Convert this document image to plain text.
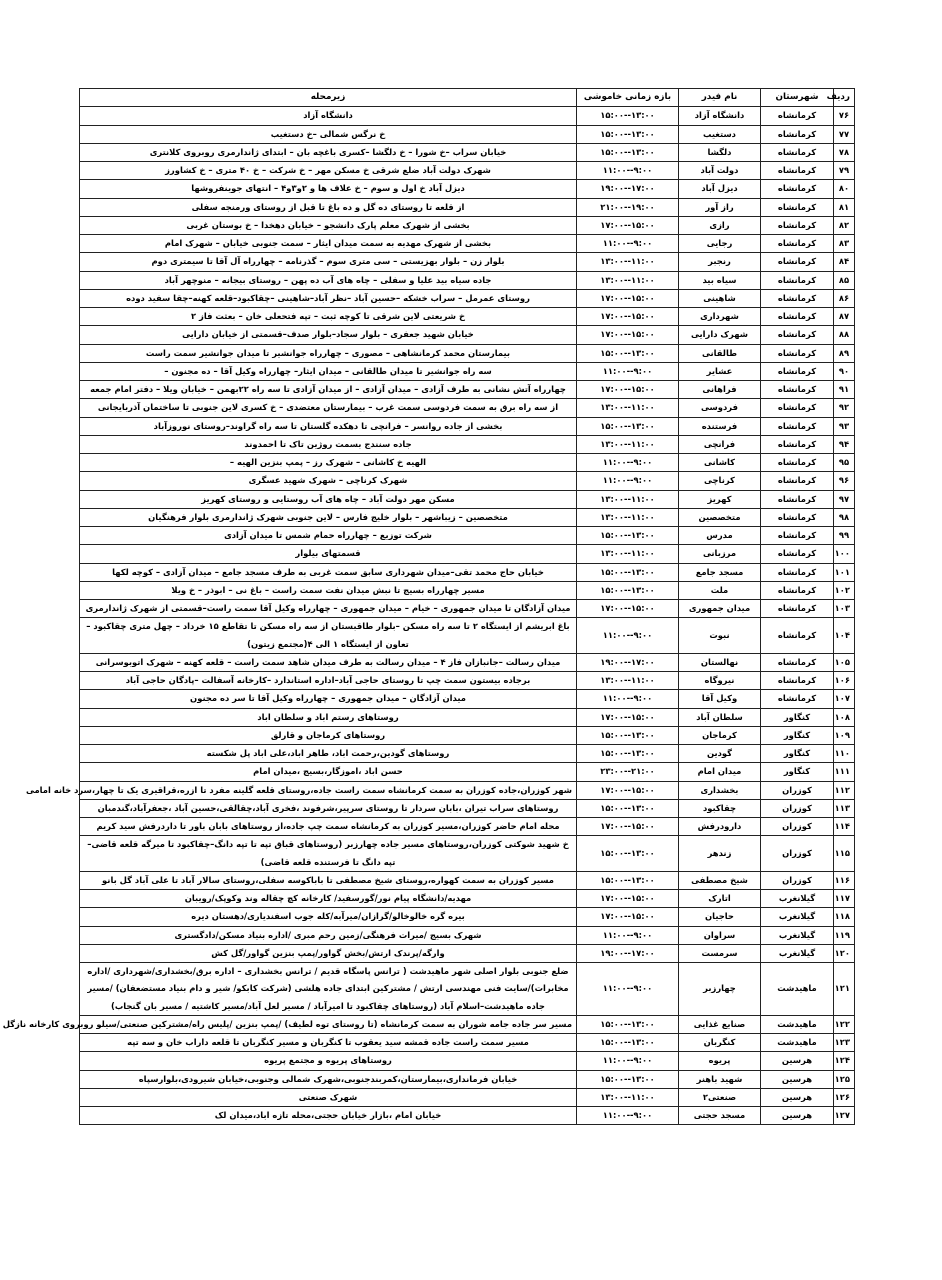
ردیف	شهرستان	نام فیدر	بازه زمانی خاموشی	زیرمحله
۷۶	کرمانشاه	دانشگاه آزاد	۱۵:۰۰--۱۳:۰۰	دانشگاه آزاد
۷۷	کرمانشاه	دستغیب	۱۵:۰۰--۱۳:۰۰	خ نرگس شمالی –خ دستغیب
۷۸	کرمانشاه	دلگشا	۱۵:۰۰--۱۳:۰۰	خیابان سراب –خ شورا – خ دلگشا –کسری باغچه بان – ابتدای ژاندارمری روبروی کلانتری
۷۹	کرمانشاه	دولت آباد	۱۱:۰۰--۹:۰۰	شهرک دولت آباد ضلع شرقی خ مسکن مهر – خ شرکت – خ ۴۰ متری – خ کشاورز
۸۰	کرمانشاه	دیزل آباد	۱۹:۰۰--۱۷:۰۰	دیزل آباد خ اول و سوم – خ علاف ها و ۲و۳و۴ – انتهای جوینفروشها
۸۱	کرمانشاه	راز آور	۲۱:۰۰--۱۹:۰۰	از قلعه تا روستای ده گل و ده باغ تا قبل از روستای ورمنجه سفلی
۸۲	کرمانشاه	رازی	۱۷:۰۰--۱۵:۰۰	بخشی از شهرک معلم پارک دانشجو – خیابان دهخدا – خ بوستان غربی
۸۳	کرمانشاه	رجایی	۱۱:۰۰--۹:۰۰	بخشی از شهرک مهدیه به سمت میدان ایثار – سمت جنوبی خیابان – شهرک امام
۸۴	کرمانشاه	رنجبر	۱۳:۰۰--۱۱:۰۰	بلوار زن – بلوار بهزیستی – سی متری سوم – گذرنامه – چهارراه آل آقا تا سیمتری دوم
۸۵	کرمانشاه	سیاه بید	۱۳:۰۰--۱۱:۰۰	جاده سیاه بید علیا و سفلی – چاه های آب ده پهن – روستای بیجانه – منوچهر آباد
۸۶	کرمانشاه	شاهینی	۱۷:۰۰--۱۵:۰۰	روستای عمرمل – سراب خشکه –حسین آباد –نظر آباد–شاهینی –چقاکبود–قلعه کهنه–چقا سفید دوده
۸۷	کرمانشاه	شهرداری	۱۷:۰۰--۱۵:۰۰	خ شریعتی لاین شرقی تا کوچه ثبت – تپه فتحعلی خان – بعثت فاز ۲
۸۸	کرمانشاه	شهرک دارایی	۱۷:۰۰--۱۵:۰۰	خیابان شهید جعفری – بلوار سجاد–بلوار صدف–قسمتی از خیابان دارایی
۸۹	کرمانشاه	طالقانی	۱۵:۰۰--۱۳:۰۰	بیمارستان محمد کرمانشاهی – مصوری – چهارراه جوانشیر تا میدان جوانشیر سمت راست
۹۰	کرمانشاه	عشایر	۱۱:۰۰--۹:۰۰	سه راه جوانشیر تا میدان طالقانی – میدان ایثار– چهارراه وکیل آقا – ده مجنون –
۹۱	کرمانشاه	فراهانی	۱۷:۰۰--۱۵:۰۰	چهارراه آتش نشانی به طرف آزادی – میدان آزادی – از میدان آزادی تا سه راه ۲۲بهمن – خیابان ویلا – دفتر امام جمعه
۹۲	کرمانشاه	فردوسی	۱۳:۰۰--۱۱:۰۰	از سه راه برق به سمت فردوسی سمت غرب – بیمارستان معتضدی – خ کسری لاین جنوبی تا ساختمان آذربایجانی
۹۳	کرمانشاه	فرستنده	۱۵:۰۰--۱۳:۰۰	بخشی از جاده روانسر – فرانچی تا دهکده گلستان تا سه راه گراوند–روستای نوروزآباد
۹۴	کرمانشاه	فرانچی	۱۳:۰۰--۱۱:۰۰	جاده سنندج بسمت روژین تاک تا احمدوند
۹۵	کرمانشاه	کاشانی	۱۱:۰۰--۹:۰۰	الهیه خ کاشانی – شهرک رز – پمپ بنزین الهیه –
۹۶	کرمانشاه	کرناچی	۱۱:۰۰--۹:۰۰	شهرک کرناچی – شهرک شهید عسگری
۹۷	کرمانشاه	کهریز	۱۳:۰۰--۱۱:۰۰	مسکن مهر دولت آباد – چاه های آب روستایی و روستای کهریز
۹۸	کرمانشاه	متخصصین	۱۳:۰۰--۱۱:۰۰	متخصصین – زیباشهر – بلوار خلیج فارس – لاین جنوبی شهرک ژاندارمری بلوار فرهنگیان
۹۹	کرمانشاه	مدرس	۱۵:۰۰--۱۳:۰۰	شرکت توزیع – چهارراه حمام شمس تا میدان آزادی
۱۰۰	کرمانشاه	مرزبانی	۱۳:۰۰--۱۱:۰۰	قسمتهای بیلوار
۱۰۱	کرمانشاه	مسجد جامع	۱۵:۰۰--۱۳:۰۰	خیابان حاج محمد تقی–میدان شهرداری سابق سمت غربی به طرف مسجد جامع – میدان آزادی – کوچه لکها
۱۰۲	کرمانشاه	ملت	۱۵:۰۰--۱۳:۰۰	مسیر چهارراه بسیج تا نبش میدان نفت سمت راست – باغ نی – ابوذر – خ ویلا
۱۰۳	کرمانشاه	میدان جمهوری	۱۷:۰۰--۱۵:۰۰	میدان آزادگان تا میدان جمهوری – خیام – میدان جمهوری – چهارراه وکیل آقا سمت راست–قسمتی از شهرک ژاندارمری
۱۰۴	کرمانشاه	نبوت	۱۱:۰۰--۹:۰۰	باغ ابریشم از ایستگاه ۲ تا سه راه مسکن –بلوار طاقبستان از سه راه مسکن تا تقاطع ۱۵ خرداد – چهل متری چقاکبود –تعاون از ایستگاه ۱ الی ۴(مجتمع زیتون)
۱۰۵	کرمانشاه	نهالستان	۱۹:۰۰--۱۷:۰۰	میدان رسالت –جانبازان فاز ۴ – میدان رسالت به طرف میدان شاهد سمت راست – قلعه کهنه – شهرک اتوبوسرانی
۱۰۶	کرمانشاه	نیروگاه	۱۳:۰۰--۱۱:۰۰	برجاده بیستون سمت چپ تا روستای حاجی آباد–اداره استاندارد –کارخانه آسفالت –پادگان حاجی آباد
۱۰۷	کرمانشاه	وکیل آقا	۱۱:۰۰--۹:۰۰	میدان آزادگان – میدان جمهوری – چهارراه وکیل آقا تا سر ده مجنون
۱۰۸	کنگاور	سلطان آباد	۱۷:۰۰--۱۵:۰۰	روستاهای رستم اباد و سلطان اباد
۱۰۹	کنگاور	کرماجان	۱۵:۰۰--۱۳:۰۰	روستاهای کرماجان و قارلق
۱۱۰	کنگاور	گودین	۱۵:۰۰--۱۳:۰۰	روستاهای گودین،رحمت اباد، طاهر اباد،علی اباد پل شکسته
۱۱۱	کنگاور	میدان امام	۲۳:۰۰--۲۱:۰۰	حسن اباد ،اموزگار،بسیج ،میدان امام
۱۱۲	کوزران	بخشداری	۱۷:۰۰--۱۵:۰۰	شهر کوزران،جاده کوزران به سمت کرمانشاه سمت راست جاده،روستای قلعه گلینه مفرد تا ازره،قراقیری یک تا چهار،سرد خانه امامی
۱۱۳	کوزران	چقاکبود	۱۵:۰۰--۱۳:۰۰	روستاهای سراب تیران ،بابان سردار تا روستای سرپیر،شرفوند ،فخری آباد،چقالقی،حسین آباد ،جعفرآباد،گندمبان
۱۱۴	کوزران	دارودرفش	۱۷:۰۰--۱۵:۰۰	محله امام حاضر کوزران،مسیر کوزران به کرمانشاه سمت چپ جاده،از روستاهای بابان باور تا داردرفش سید کریم
۱۱۵	کوزران	زندهر	۱۵:۰۰--۱۳:۰۰	خ شهید شوکتی کوزران،روستاهای مسیر جاده چهارزبر (روستاهای قباق تپه تا تپه دانگ–چقاکبود تا میرگه قلعه قاضی–تپه دانگ تا فرستنده قلعه قاضی)
۱۱۶	کوزران	شیخ مصطفی	۱۵:۰۰--۱۳:۰۰	مسیر کوزران به سمت کهواره،روستای شیخ مصطفی تا باباکوسه سفلی،روستای سالار آباد تا علی آباد گل بانو
۱۱۷	گیلانغرب	اتارک	۱۷:۰۰--۱۵:۰۰	مهدیه/دانشگاه پیام نور/گورسفید/ کارخانه کچ چقاله وند وکوپک/رویبان
۱۱۸	گیلانغرب	حاجیان	۱۷:۰۰--۱۵:۰۰	بیره گره خالوخالو/گرازان/میرآبه/کله جوب اسفندیاری/دهستان دیره
۱۱۹	گیلانغرب	سراوان	۱۱:۰۰--۹:۰۰	شهرک بسیج /میرات فرهنگی/زمین رحم مبری /اداره بنیاد مسکن/دادگستری
۱۲۰	گیلانغرب	سرمست	۱۹:۰۰--۱۷:۰۰	وارگه/پرندک ارتش/بخش گواور/پمپ بنزین گواور/گل کش
۱۲۱	ماهیدشت	چهارزبر	۱۱:۰۰--۹:۰۰	ضلع جنوبی بلوار اصلی شهر ماهیدشت ( ترانس پاسگاه قدیم / ترانس بخشداری – اداره برق/بخشداری/شهرداری /اداره مخابرات)/سایت فنی مهندسی ارتش / مشترکین ابتدای جاده هلشی (شرکت کابکو/ شیر و دام بنیاد مستضعفان) /مسیر جاده ماهیدشت–اسلام آباد (روستاهای چقاکبود تا امیرآباد / مسیر لعل آباد/مسیر کاشتیه / مسیر بان گنجاب)
۱۲۲	ماهیدشت	صنایع غذایی	۱۵:۰۰--۱۳:۰۰	مسیر سر جاده جامه شوران به سمت کرمانشاه (تا روستای توه لطیف) /پمپ بنزین /پلیس راه/مشترکین صنعتی/سیلو روبروی کارخانه نازگل
۱۲۳	ماهیدشت	کنگربان	۱۵:۰۰--۱۳:۰۰	مسیر سمت راست جاده قمشه سید یعقوب تا کنگربان و مسیر کنگربان تا قلعه داراب خان و سه تپه
۱۲۴	هرسین	پریوه	۱۱:۰۰--۹:۰۰	روستاهای پریوه و مجتمع پریوه
۱۲۵	هرسین	شهید باهنر	۱۵:۰۰--۱۳:۰۰	خیابان فرمانداری،بیمارستان،کمربندجنوبی،شهرک شمالی وجنوبی،خیابان شیرودی،بلوارسپاه
۱۲۶	هرسین	صنعتی۲	۱۳:۰۰--۱۱:۰۰	شهرک صنعتی
۱۲۷	هرسین	مسجد حجتی	۱۱:۰۰--۹:۰۰	خیابان امام ،بازار خیابان حجتی،محله تازه اباد،میدان لک
